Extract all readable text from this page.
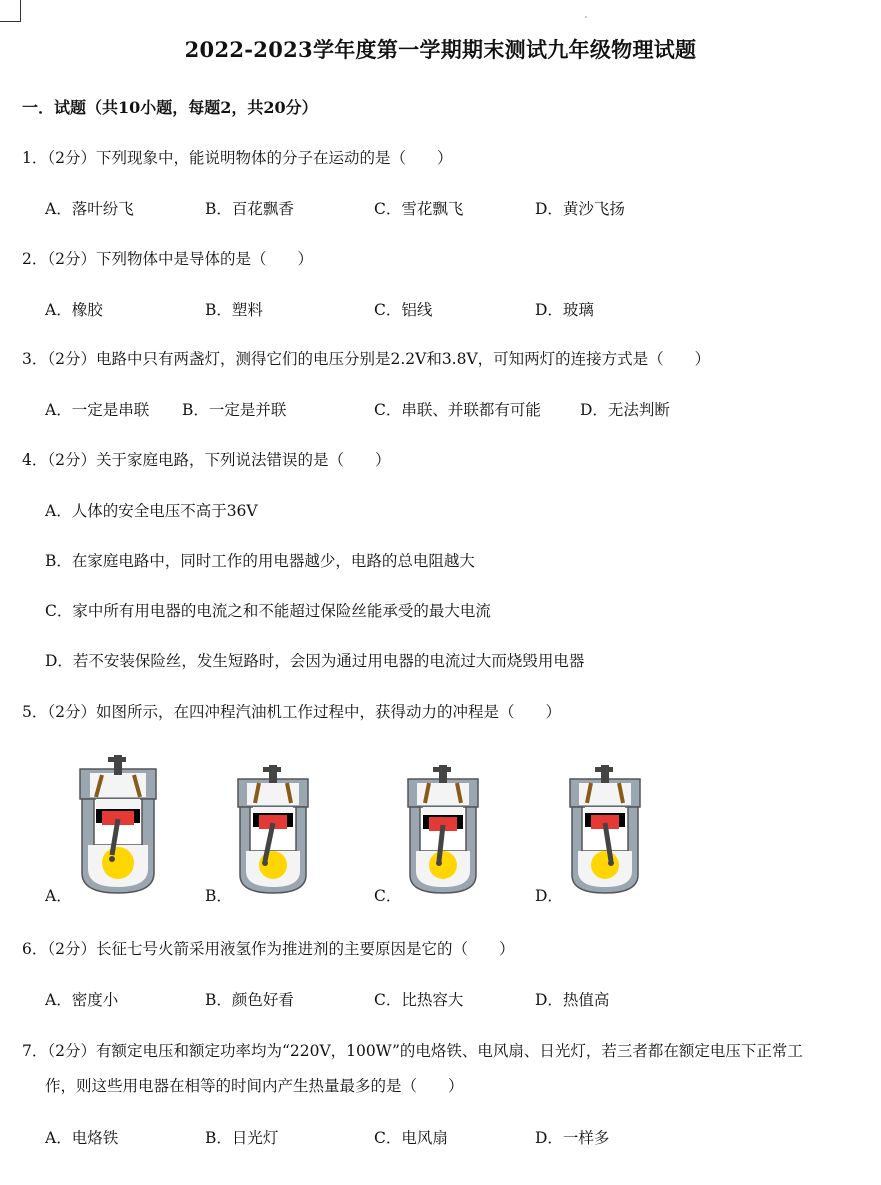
2022-2023学年度第一学期期末测试九年级物理试题
一．试题（共10小题，每题2，共20分）
1．（2分）下列现象中，能说明物体的分子在运动的是（　　）
A．落叶纷飞	B．百花飘香	C．雪花飘飞	D．黄沙飞扬
2．（2分）下列物体中是导体的是（　　）
A．橡胶	B．塑料	C．铝线	D．玻璃
3．（2分）电路中只有两盏灯，测得它们的电压分别是2.2V和3.8V，可知两灯的连接方式是（　　）
A．一定是串联 B．一定是并联	C．串联、并联都有可能	D．无法判断
4．（2分）关于家庭电路，下列说法错误的是（　　）
A．人体的安全电压不高于36V
B．在家庭电路中，同时工作的用电器越少，电路的总电阻越大
C．家中所有用电器的电流之和不能超过保险丝能承受的最大电流
D．若不安装保险丝，发生短路时，会因为通过用电器的电流过大而烧毁用电器
5．（2分）如图所示，在四冲程汽油机工作过程中，获得动力的冲程是（　　）
A．	B．	C．	D．
6．（2分）长征七号火箭采用液氢作为推进剂的主要原因是它的（　　）
A．密度小	B．颜色好看	C．比热容大	D．热值高
7．（2分）有额定电压和额定功率均为“220V，100W”的电烙铁、电风扇、日光灯，若三者都在额定电压下正常工
作，则这些用电器在相等的时间内产生热量最多的是（　　）
A．电烙铁	B．日光灯	C．电风扇	D．一样多
